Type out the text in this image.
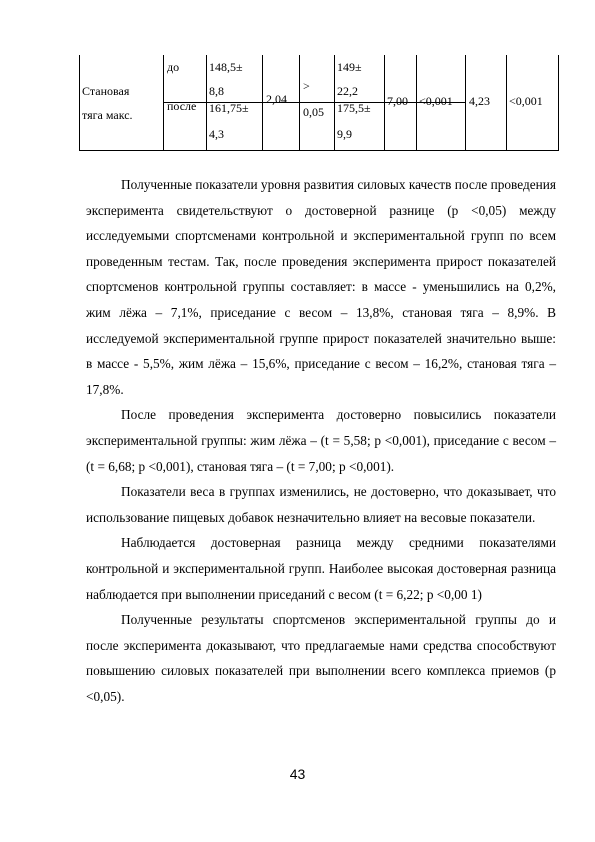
Становая
тяга макс.
до
после
148,5±
8,8
161,75±
4,3
2,04
>
0,05
149±
22,2
175,5±
9,9
7,00 <0,001 4,23 <0,001

Полученные показатели уровня развития силовых качеств после проведения эксперимента свидетельствуют о достоверной разнице (p <0,05) между исследуемыми спортсменами контрольной и экспериментальной групп по всем проведенным тестам. Так, после проведения эксперимента прирост показателей спортсменов контрольной группы составляет: в массе - уменьшились на 0,2%, жим лёжа – 7,1%, приседание с весом – 13,8%, становая тяга – 8,9%. В исследуемой экспериментальной группе прирост показателей значительно выше: в массе - 5,5%, жим лёжа – 15,6%, приседание с весом – 16,2%, становая тяга – 17,8%.

После проведения эксперимента достоверно повысились показатели экспериментальной группы: жим лёжа – (t = 5,58; p <0,001), приседание с весом – (t = 6,68; p <0,001), становая тяга – (t = 7,00; p <0,001).

Показатели веса в группах изменились, не достоверно, что доказывает, что использование пищевых добавок незначительно влияет на весовые показатели.

Наблюдается достоверная разница между средними показателями контрольной и экспериментальной групп. Наиболее высокая достоверная разница наблюдается при выполнении приседаний с весом (t = 6,22; p <0,00 1)

Полученные результаты спортсменов экспериментальной группы до и после эксперимента доказывают, что предлагаемые нами средства способствуют повышению силовых показателей при выполнении всего комплекса приемов (p <0,05).

43
